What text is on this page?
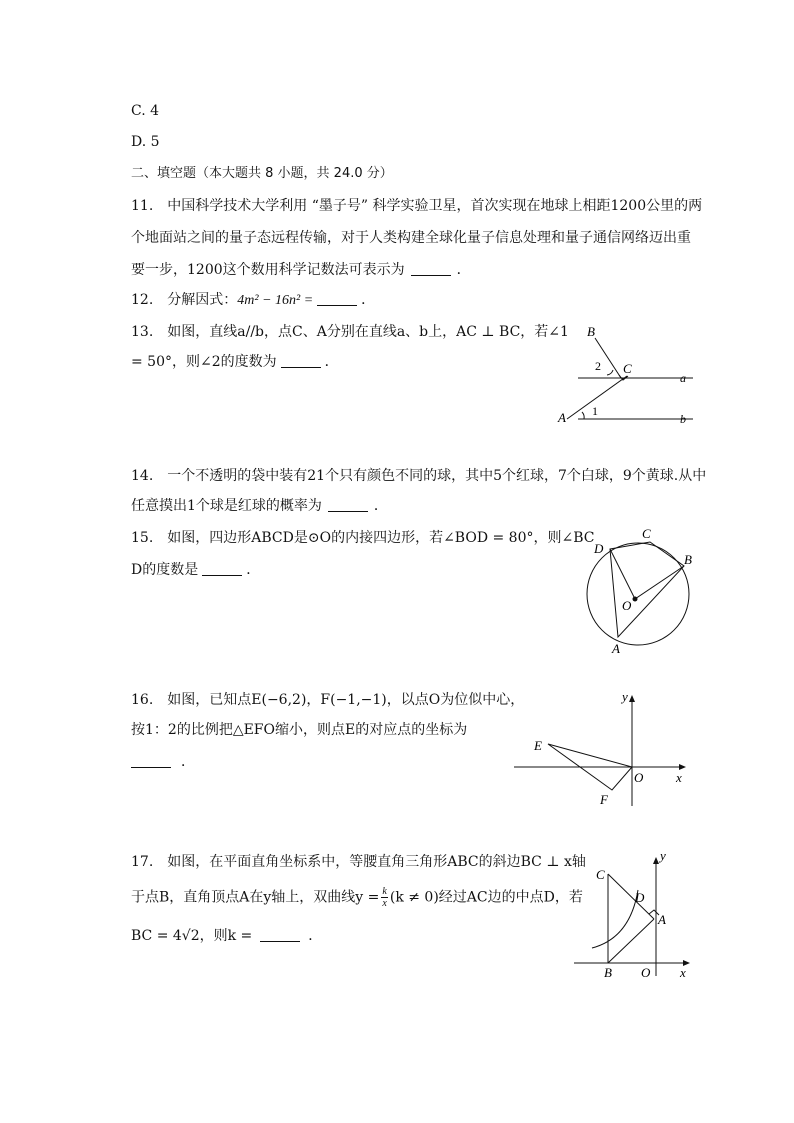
C. 4
D. 5
二、填空题（本大题共 8 小题，共 24.0 分）
11.　中国科学技术大学利用 “墨子号” 科学实验卫星，首次实现在地球上相距1200公里的两
个地面站之间的量子态远程传输，对于人类构建全球化量子信息处理和量子通信网络迈出重
要一步，1200这个数用科学记数法可表示为	．
12.　分解因式：4m² − 16n² =	．
13.　如图，直线a//b，点C、A分别在直线a、b上，AC ⊥ BC，若∠1
= 50°，则∠2的度数为	．
B
C
A
a
b
1
2
14.　一个不透明的袋中装有21个只有颜色不同的球，其中5个红球，7个白球，9个黄球.从中
任意摸出1个球是红球的概率为	．
15.　如图，四边形ABCD是⊙O的内接四边形，若∠BOD = 80°，则∠BC
D的度数是	．
D
C
B
O
A
16.　如图，已知点E(−6,2)，F(−1,−1)，以点O为位似中心，
按1：2的比例把△EFO缩小，则点E的对应点的坐标为
．
y
x
E
F
O
17.　如图，在平面直角坐标系中，等腰直角三角形ABC的斜边BC ⊥ x轴
于点B，直角顶点A在y轴上，双曲线$y = \frac{k}{x} (k \ne 0)$经过AC边的中点D，若
BC = 4√2，则k =	．
y
x
C
D
A
B O
